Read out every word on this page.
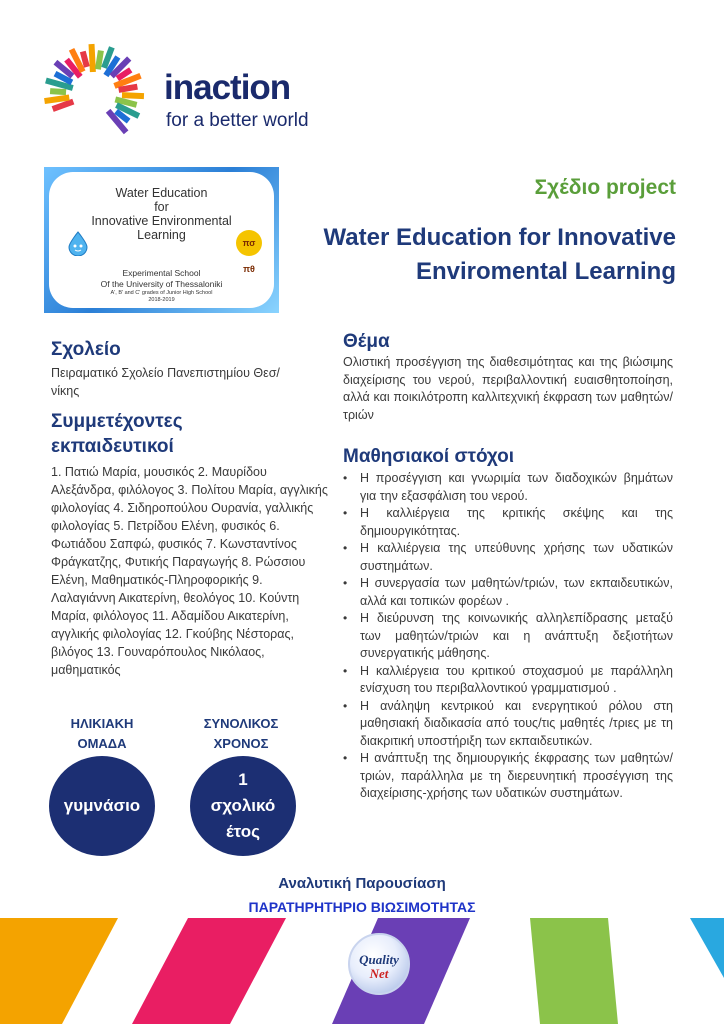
inaction
for a better world
Water Education
for
Innovative Environmental
Learning
πσ πθ
Experimental School
Of the University of Thessaloniki
A', B' and C' grades of Junior High School
2018-2019
Σχέδιο project
Water Education for Innovative Enviromental Learning
Σχολείο
Πειραματικό Σχολείο Πανεπιστημίου Θεσ/νίκης
Συμμετέχοντες εκπαιδευτικοί
1. Πατιώ Μαρία, μουσικός 2. Μαυρίδου Αλεξάνδρα, φιλόλογος 3. Πολίτου Μαρία, αγγλικής φιλολογίας 4. Σιδηροπούλου Ουρανία, γαλλικής φιλολογίας 5. Πετρίδου Ελένη, φυσικός 6. Φωτιάδου Σαπφώ, φυσικός 7. Κωνσταντίνος Φράγκατζης, Φυτικής Παραγωγής 8. Ρώσσιου Ελένη, Μαθηματικός-Πληροφορικής 9. Λαλαγιάννη Αικατερίνη, θεολόγος 10. Κούντη Μαρία, φιλόλογος 11. Αδαμίδου Αικατερίνη, αγγλικής φιλολογίας 12. Γκούβης Νέστορας, βιλόγος 13. Γουναρόπουλος Νικόλαος, μαθηματικός
ΗΛΙΚΙΑΚΗ
ΟΜΑΔΑ
ΣΥΝΟΛΙΚΟΣ
ΧΡΟΝΟΣ
γυμνάσιο
1
σχολικό
έτος
Θέμα
Ολιστική προσέγγιση της διαθεσιμότητας και της βιώσιμης διαχείρισης του νερού, περιβαλλοντική ευαισθητοποίηση, αλλά και ποικιλότροπη καλλιτεχνική έκφραση των μαθητών/τριών
Μαθησιακοί στόχοι
• Η προσέγγιση και γνωριμία των διαδοχικών βημάτων για την εξασφάλιση του νερού.
• Η καλλιέργεια της κριτικής σκέψης και της δημιουργικότητας.
• Η καλλιέργεια της υπεύθυνης χρήσης των υδατικών συστημάτων.
• Η συνεργασία των μαθητών/τριών, των εκπαιδευτικών, αλλά και τοπικών φορέων .
• Η διεύρυνση της κοινωνικής αλληλεπίδρασης μεταξύ των μαθητών/τριών και η ανάπτυξη δεξιοτήτων συνεργατικής μάθησης.
• Η καλλιέργεια του κριτικού στοχασμού με παράλληλη ενίσχυση του περιβαλλοντικού γραμματισμού .
• Η ανάληψη κεντρικού και ενεργητικού ρόλου στη μαθησιακή διαδικασία από τους/τις μαθητές /τριες με τη διακριτική υποστήριξη των εκπαιδευτικών.
• Η ανάπτυξη της δημιουργικής έκφρασης των μαθητών/τριών, παράλληλα με τη διερευνητική προσέγγιση της διαχείρισης-χρήσης των υδατικών συστημάτων.
Αναλυτική Παρουσίαση
ΠΑΡΑΤΗΡΗΤΗΡΙΟ ΒΙΩΣΙΜΟΤΗΤΑΣ
Quality
Net
